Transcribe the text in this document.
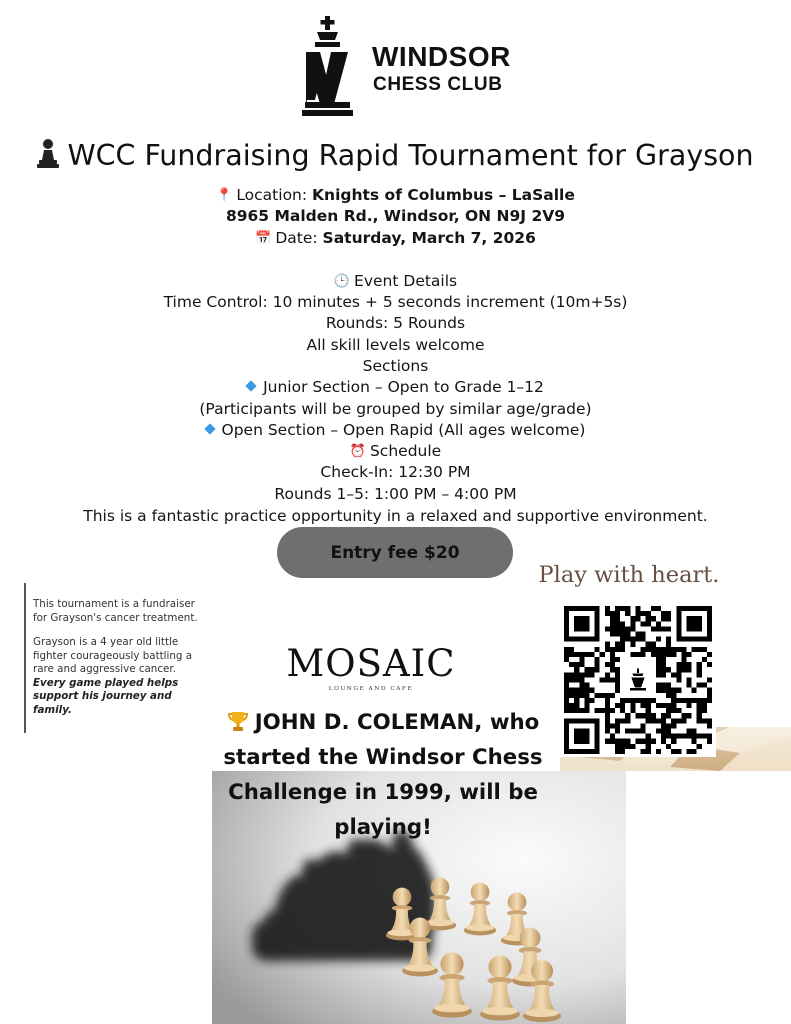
WINDSOR
CHESS CLUB
WCC Fundraising Rapid Tournament for Grayson
📍 Location: Knights of Columbus – LaSalle
8965 Malden Rd., Windsor, ON N9J 2V9
📅 Date: Saturday, March 7, 2026
🕒 Event Details
Time Control: 10 minutes + 5 seconds increment (10m+5s)
Rounds: 5 Rounds
All skill levels welcome
Sections
Junior Section – Open to Grade 1–12
(Participants will be grouped by similar age/grade)
Open Section – Open Rapid (All ages welcome)
⏰ Schedule
Check-In: 12:30 PM
Rounds 1–5: 1:00 PM – 4:00 PM
This is a fantastic practice opportunity in a relaxed and supportive environment.
Entry fee $20

This tournament is a fundraiser for Grayson's cancer treatment.

Grayson is a 4 year old little fighter courageously battling a rare and aggressive cancer.

Every game played helps support his journey and family.

MOSAIC
LOUNGE AND CAFE
Play with heart.
JOHN D. COLEMAN, who started the Windsor Chess Challenge in 1999, will be playing!
